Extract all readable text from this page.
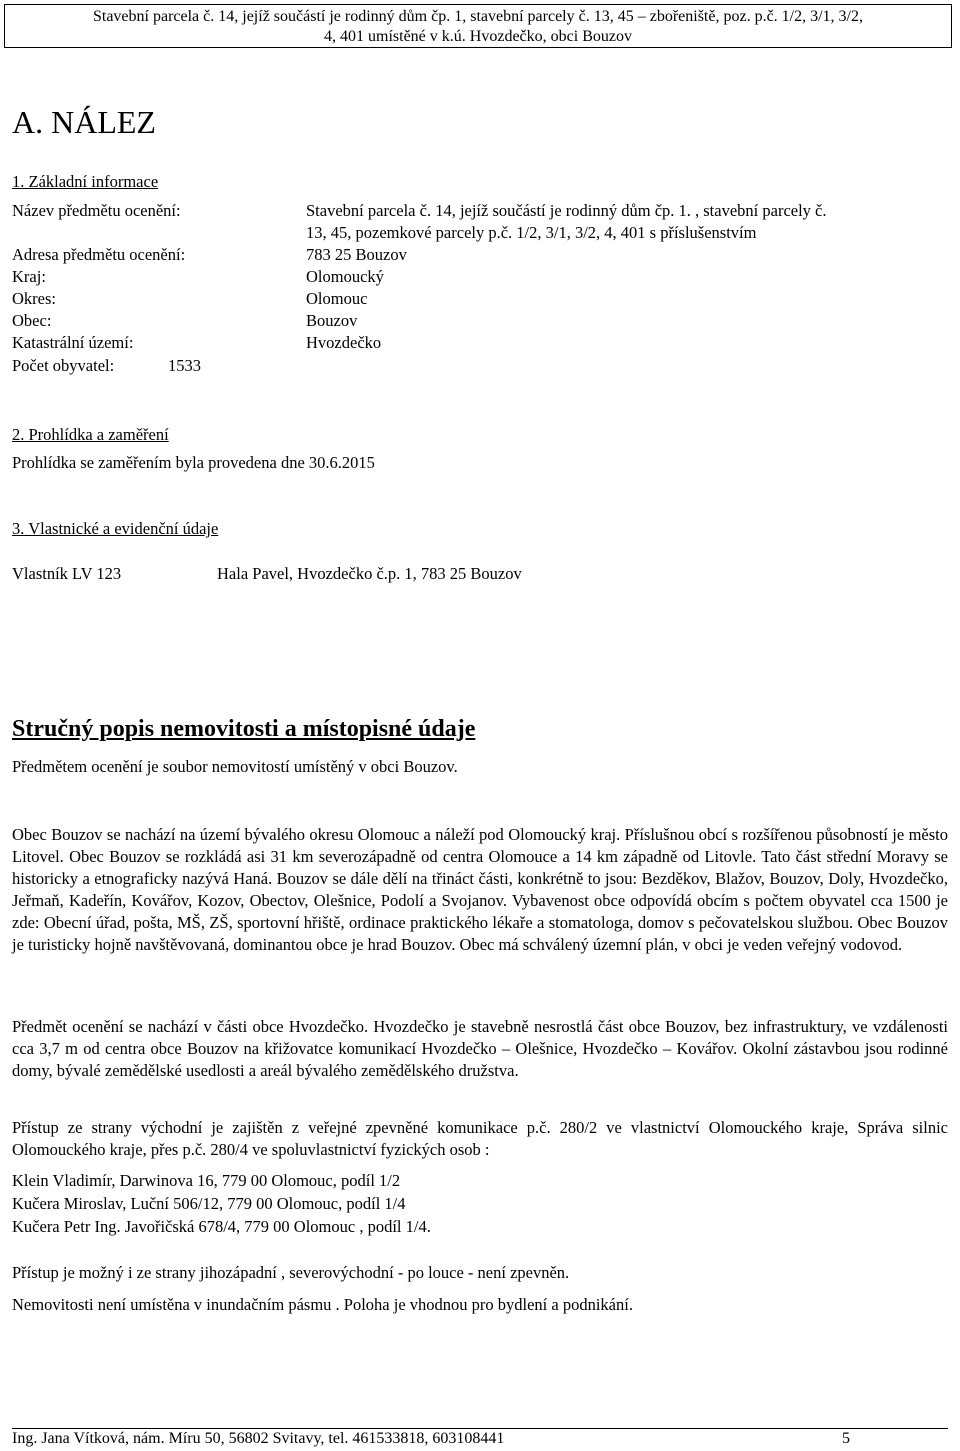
Stavební parcela č. 14, jejíž součástí je rodinný dům čp. 1, stavební parcely č. 13, 45 – zbořeniště, poz. p.č. 1/2, 3/1, 3/2,
4, 401 umístěné v k.ú. Hvozdečko, obci Bouzov
A. NÁLEZ
1. Základní informace
Název předmětu ocenění:	Stavební parcela č. 14, jejíž součástí je rodinný dům čp. 1. , stavební parcely č.
13, 45, pozemkové parcely p.č. 1/2, 3/1, 3/2, 4, 401 s příslušenstvím
Adresa předmětu ocenění:	783 25 Bouzov
Kraj:	Olomoucký
Okres:	Olomouc
Obec:	Bouzov
Katastrální území:	Hvozdečko
Počet obyvatel:	1533
2. Prohlídka a zaměření
Prohlídka se zaměřením byla provedena dne 30.6.2015
3. Vlastnické a evidenční údaje
Vlastník LV 123	Hala Pavel, Hvozdečko č.p. 1, 783 25 Bouzov
Stručný popis nemovitosti a místopisné údaje
Předmětem ocenění je soubor nemovitostí umístěný v obci Bouzov.
Obec Bouzov se nachází na území bývalého okresu Olomouc a náleží pod Olomoucký kraj. Příslušnou obcí s rozšířenou působností je město Litovel. Obec Bouzov se rozkládá asi 31 km severozápadně od centra Olomouce a 14 km západně od Litovle. Tato část střední Moravy se historicky a etnograficky nazývá Haná. Bouzov se dále dělí na třináct části, konkrétně to jsou: Bezděkov, Blažov, Bouzov, Doly, Hvozdečko, Jeřmaň, Kadeřín, Kovářov, Kozov, Obectov, Olešnice, Podolí a Svojanov. Vybavenost obce odpovídá obcím s počtem obyvatel cca 1500 je zde: Obecní úřad, pošta, MŠ, ZŠ, sportovní hřiště, ordinace praktického lékaře a stomatologa, domov s pečovatelskou službou. Obec Bouzov je turisticky hojně navštěvovaná, dominantou obce je hrad Bouzov. Obec má schválený územní plán, v obci je veden veřejný vodovod.
Předmět ocenění se nachází v části obce Hvozdečko. Hvozdečko je stavebně nesrostlá část obce Bouzov, bez infrastruktury, ve vzdálenosti cca 3,7 m od centra obce Bouzov na křižovatce komunikací Hvozdečko – Olešnice, Hvozdečko – Kovářov. Okolní zástavbou jsou rodinné domy, bývalé zemědělské usedlosti a areál bývalého zemědělského družstva.
Přístup ze strany východní je zajištěn z veřejné zpevněné komunikace p.č. 280/2 ve vlastnictví Olomouckého kraje, Správa silnic Olomouckého kraje, přes p.č. 280/4 ve spoluvlastnictví fyzických osob :
Klein Vladimír, Darwinova 16, 779 00 Olomouc, podíl 1/2
Kučera Miroslav, Luční 506/12, 779 00 Olomouc, podíl 1/4
Kučera Petr Ing. Javořičská 678/4, 779 00 Olomouc , podíl 1/4.
Přístup je možný i ze strany jihozápadní , severovýchodní - po louce - není zpevněn.
Nemovitosti není umístěna v inundačním pásmu . Poloha je vhodnou pro bydlení a podnikání.
Ing. Jana Vítková, nám. Míru 50, 56802 Svitavy, tel. 461533818, 603108441	5
